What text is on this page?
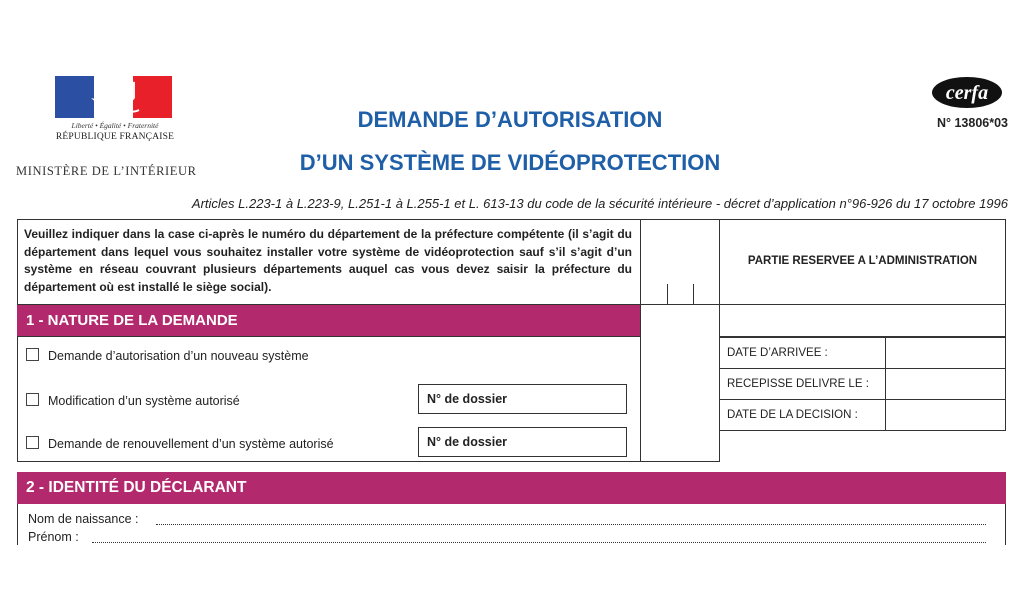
Liberté • Égalité • Fraternité
RÉPUBLIQUE FRANÇAISE
MINISTÈRE DE L’INTÉRIEUR
DEMANDE D’AUTORISATION
D’UN SYSTÈME DE VIDÉOPROTECTION
cerfa
N° 13806*03
Articles L.223-1 à L.223-9, L.251-1 à L.255-1 et L. 613-13 du code de la sécurité intérieure - décret d’application n°96-926 du 17 octobre 1996
Veuillez indiquer dans la case ci-après le numéro du département de la préfecture compétente (il s’agit du département dans lequel vous souhaitez installer votre système de vidéoprotection sauf s’il s’agit d’un système en réseau couvrant plusieurs départements auquel cas vous devez saisir la préfecture du département où est installé le siège social).
PARTIE RESERVEE A L’ADMINISTRATION
1 - NATURE DE LA DEMANDE
Demande d’autorisation d’un nouveau système
Modification d’un système autorisé	N° de dossier
Demande de renouvellement d’un système autorisé	N° de dossier
DATE D’ARRIVEE :
RECEPISSE DELIVRE LE :
DATE DE LA DECISION :
2 - IDENTITÉ DU DÉCLARANT
Nom de naissance :
Prénom :
